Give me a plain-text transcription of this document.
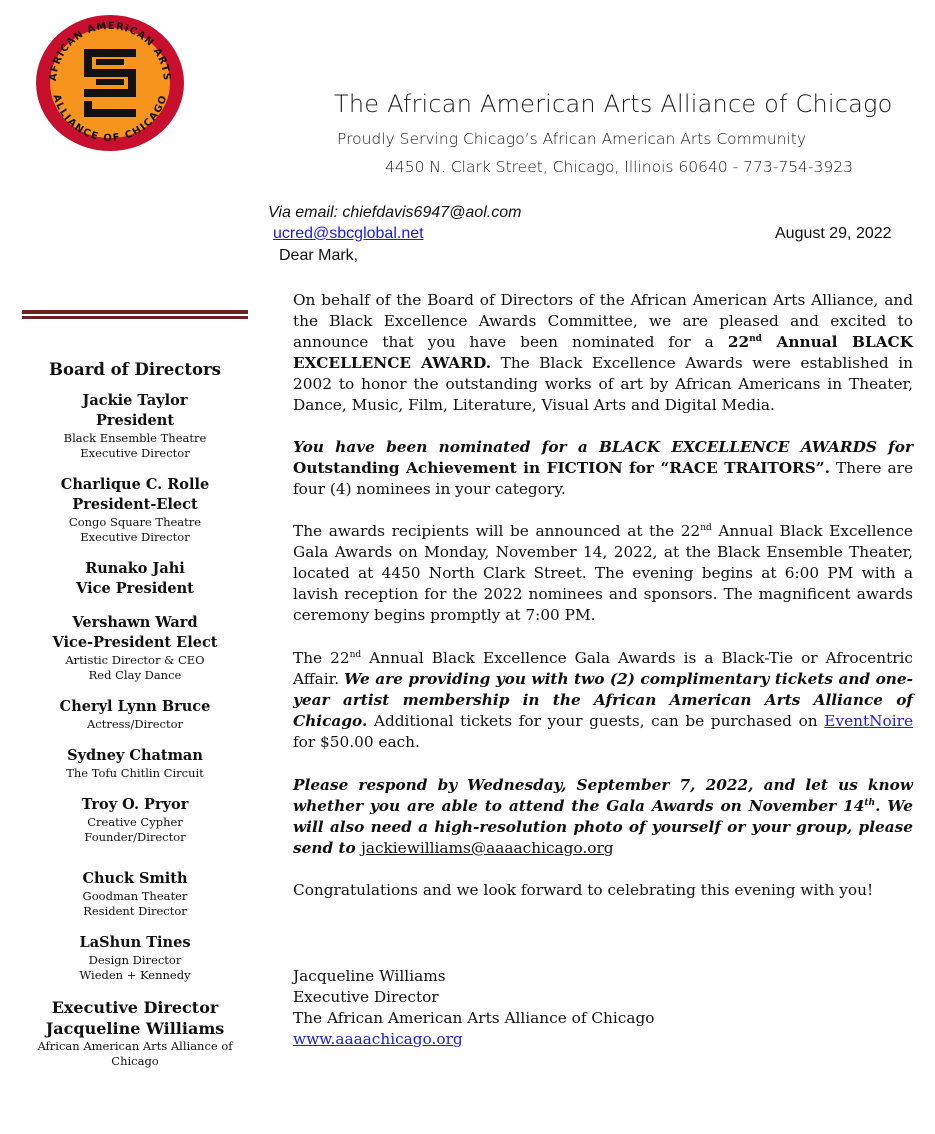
AFRICAN AMERICAN ARTS
ALLIANCE OF CHICAGO	The African American Arts Alliance of Chicago
Proudly Serving Chicago’s African American Arts Community
4450 N. Clark Street, Chicago, Illinois 60640 - 773-754-3923
Board of Directors
Jackie Taylor
President
Black Ensemble Theatre
Executive Director
Charlique C. Rolle
President-Elect
Congo Square Theatre
Executive Director
Runako Jahi
Vice President
Vershawn Ward
Vice-President Elect
Artistic Director & CEO
Red Clay Dance
Cheryl Lynn Bruce
Actress/Director
Sydney Chatman
The Tofu Chitlin Circuit
Troy O. Pryor
Creative Cypher
Founder/Director
Chuck Smith
Goodman Theater
Resident Director
LaShun Tines
Design Director
Wieden + Kennedy
Executive Director
Jacqueline Williams
African American Arts Alliance of Chicago
Via email: chiefdavis6947@aol.com
ucred@sbcglobal.net	August 29, 2022
Dear Mark,
On behalf of the Board of Directors of the African American Arts Alliance, and the Black Excellence Awards Committee, we are pleased and excited to announce that you have been nominated for a 22nd Annual BLACK EXCELLENCE AWARD. The Black Excellence Awards were established in 2002 to honor the outstanding works of art by African Americans in Theater, Dance, Music, Film, Literature, Visual Arts and Digital Media.
You have been nominated for a BLACK EXCELLENCE AWARDS for Outstanding Achievement in FICTION for “RACE TRAITORS”. There are four (4) nominees in your category.
The awards recipients will be announced at the 22nd Annual Black Excellence Gala Awards on Monday, November 14, 2022, at the Black Ensemble Theater, located at 4450 North Clark Street. The evening begins at 6:00 PM with a lavish reception for the 2022 nominees and sponsors. The magnificent awards ceremony begins promptly at 7:00 PM.
The 22nd Annual Black Excellence Gala Awards is a Black-Tie or Afrocentric Affair. We are providing you with two (2) complimentary tickets and one-year artist membership in the African American Arts Alliance of Chicago. Additional tickets for your guests, can be purchased on EventNoire for $50.00 each.
Please respond by Wednesday, September 7, 2022, and let us know whether you are able to attend the Gala Awards on November 14th. We will also need a high-resolution photo of yourself or your group, please send to jackiewilliams@aaaachicago.org
Congratulations and we look forward to celebrating this evening with you!
Jacqueline Williams
Executive Director
The African American Arts Alliance of Chicago
www.aaaachicago.org
